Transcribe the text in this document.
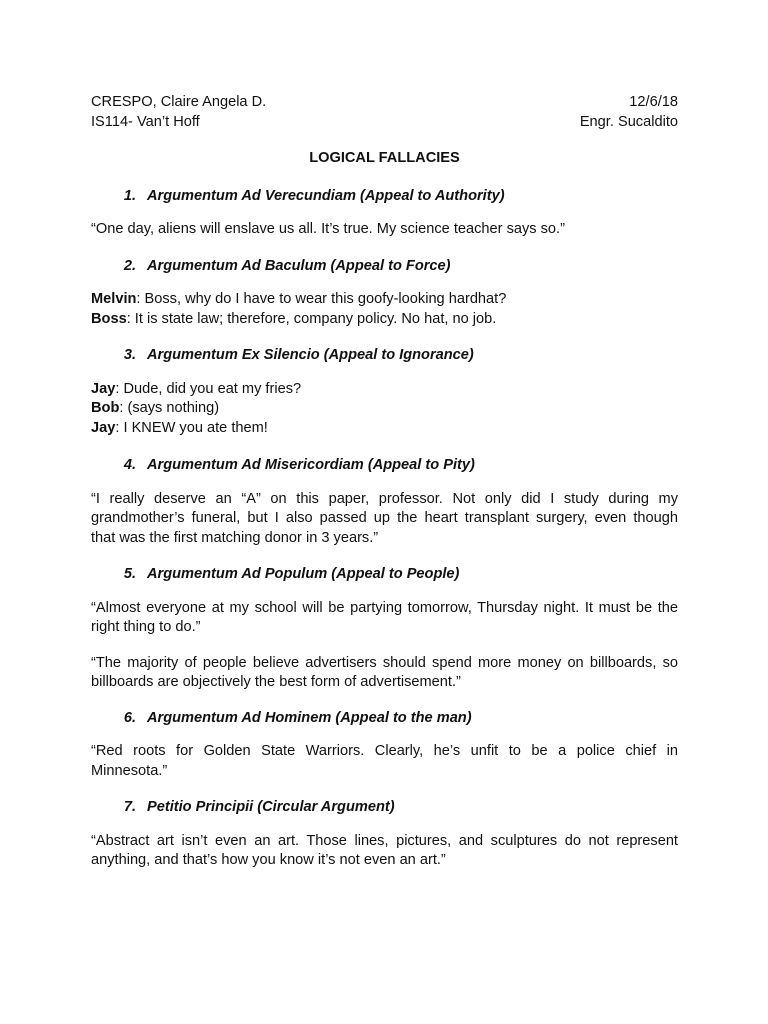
CRESPO, Claire Angela D.	12/6/18
IS114- Van’t Hoff	Engr. Sucaldito
LOGICAL FALLACIES
1. Argumentum Ad Verecundiam (Appeal to Authority)
“One day, aliens will enslave us all. It’s true. My science teacher says so.”
2. Argumentum Ad Baculum (Appeal to Force)
Melvin: Boss, why do I have to wear this goofy-looking hardhat?
Boss: It is state law; therefore, company policy. No hat, no job.
3. Argumentum Ex Silencio (Appeal to Ignorance)
Jay: Dude, did you eat my fries?
Bob: (says nothing)
Jay: I KNEW you ate them!
4. Argumentum Ad Misericordiam (Appeal to Pity)
“I really deserve an “A” on this paper, professor. Not only did I study during my
grandmother’s funeral, but I also passed up the heart transplant surgery, even though
that was the first matching donor in 3 years.”
5. Argumentum Ad Populum (Appeal to People)
“Almost everyone at my school will be partying tomorrow, Thursday night. It must be the
right thing to do.”
“The majority of people believe advertisers should spend more money on billboards, so
billboards are objectively the best form of advertisement.”
6. Argumentum Ad Hominem (Appeal to the man)
“Red roots for Golden State Warriors. Clearly, he’s unfit to be a police chief in
Minnesota.”
7. Petitio Principii (Circular Argument)
“Abstract art isn’t even an art. Those lines, pictures, and sculptures do not represent
anything, and that’s how you know it’s not even an art.”
